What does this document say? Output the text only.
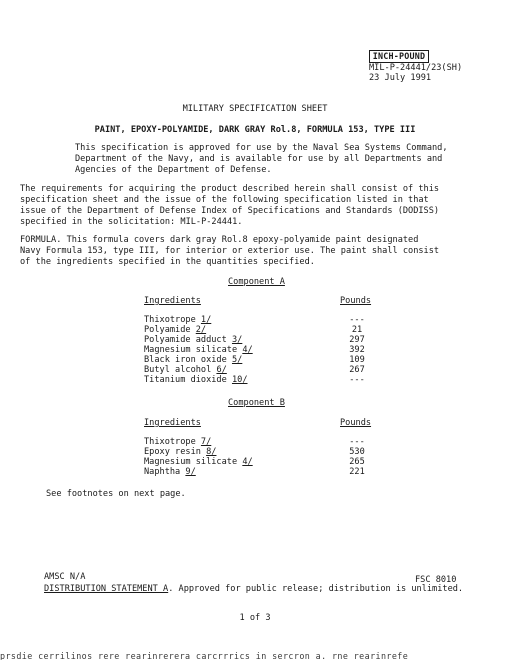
INCH-POUND
MIL-P-24441/23(SH)
23 July 1991
MILITARY SPECIFICATION SHEET
PAINT, EPOXY-POLYAMIDE, DARK GRAY Rol.8, FORMULA 153, TYPE III
This specification is approved for use by the Naval Sea Systems Command,
Department of the Navy, and is available for use by all Departments and
Agencies of the Department of Defense.
The requirements for acquiring the product described herein shall consist of this
specification sheet and the issue of the following specification listed in that
issue of the Department of Defense Index of Specifications and Standards (DODISS)
specified in the solicitation: MIL-P-24441.
FORMULA. This formula covers dark gray Rol.8 epoxy-polyamide paint designated
Navy Formula 153, type III, for interior or exterior use. The paint shall consist
of the ingredients specified in the quantities specified.
Component A
Ingredients	Pounds
Thixotrope 1/	---
Polyamide 2/	21
Polyamide adduct 3/	297
Magnesium silicate 4/	392
Black iron oxide 5/	109
Butyl alcohol 6/	267
Titanium dioxide 10/	---
Component B
Ingredients	Pounds
Thixotrope 7/	---
Epoxy resin 8/	530
Magnesium silicate 4/	265
Naphtha 9/	221
See footnotes on next page.
AMSC N/A	FSC 8010
DISTRIBUTION STATEMENT A. Approved for public release; distribution is unlimited.
1 of 3
prsdie cerrilinos rere rearinrerera carcrrrics in sercron a. rne rearinrefe
